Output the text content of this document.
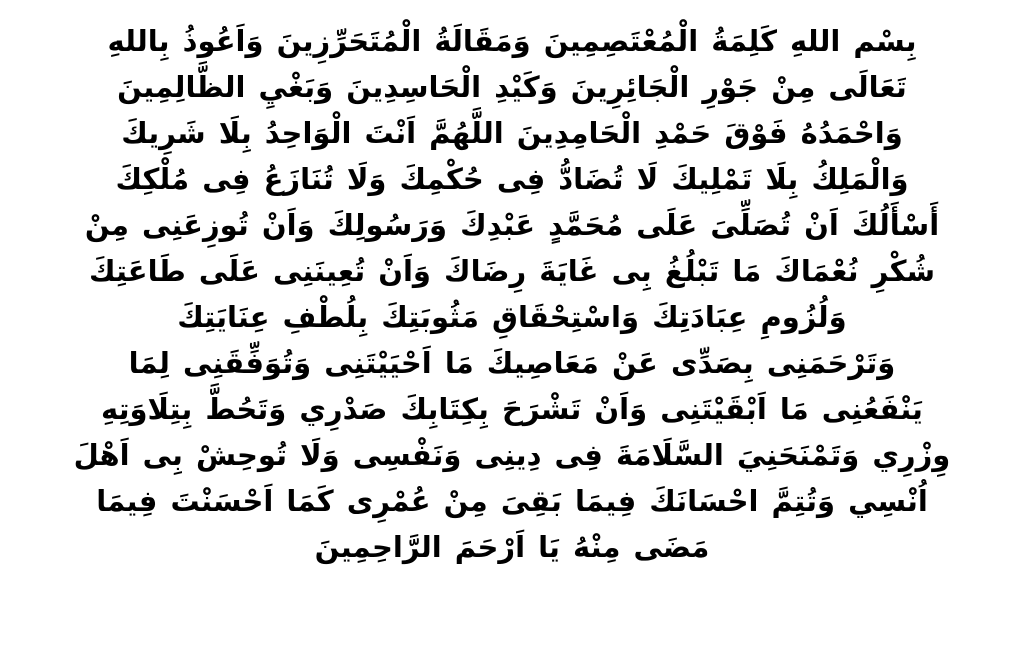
بِسْم اللهِ كَلِمَةُ الْمُعْتَصِمِينَ وَمَقَالَةُ الْمُتَحَرِّزِينَ وَاَعُوذُ بِاللهِ
تَعَالَى مِنْ جَوْرِ الْجَائِرِينَ وَكَيْدِ الْحَاسِدِينَ وَبَغْيِ الظَّالِمِينَ
وَاحْمَدُهُ فَوْقَ حَمْدِ الْحَامِدِينَ اللَّهُمَّ اَنْتَ الْوَاحِدُ بِلَا شَرِيكَ
وَالْمَلِكُ بِلَا تَمْلِيكَ لَا تُضَادُّ فِى حُكْمِكَ وَلَا تُنَازَعُ فِى مُلْكِكَ
أَسْأَلُكَ اَنْ تُصَلِّىَ عَلَى مُحَمَّدٍ عَبْدِكَ وَرَسُولِكَ وَاَنْ تُوزِعَنِى مِنْ
شُكْرِ نُعْمَاكَ مَا تَبْلُغُ بِى غَايَةَ رِضَاكَ وَاَنْ تُعِينَنِى عَلَى طَاعَتِكَ
وَلُزُومِ عِبَادَتِكَ وَاسْتِحْقَاقِ مَثُوبَتِكَ بِلُطْفِ عِنَايَتِكَ
وَتَرْحَمَنِى بِصَدِّى عَنْ مَعَاصِيكَ مَا اَحْيَيْتَنِى وَتُوَفِّقَنِى لِمَا
يَنْفَعُنِى مَا اَبْقَيْتَنِى وَاَنْ تَشْرَحَ بِكِتَابِكَ صَدْرِي وَتَحُطَّ بِتِلَاوَتِهِ
وِزْرِي وَتَمْنَحَنِيَ السَّلَامَةَ فِى دِينِى وَنَفْسِى وَلَا تُوحِشْ بِى اَهْلَ
اُنْسِي وَتُتِمَّ احْسَانَكَ فِيمَا بَقِىَ مِنْ عُمْرِى كَمَا اَحْسَنْتَ فِيمَا
مَضَى مِنْهُ يَا اَرْحَمَ الرَّاحِمِينَ
